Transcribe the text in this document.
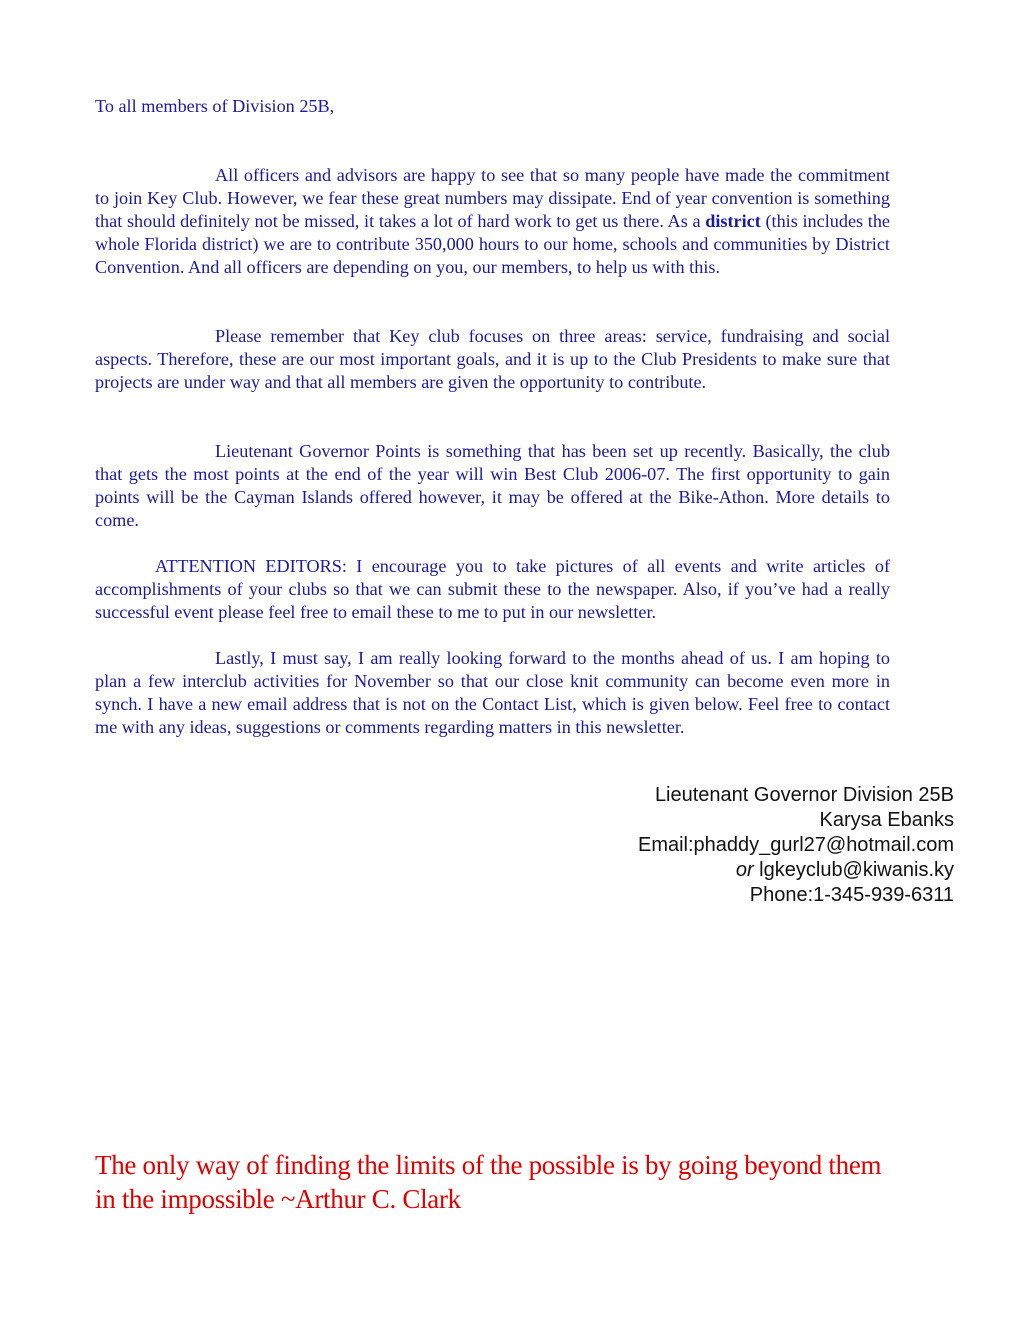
To all members of Division 25B,

All officers and advisors are happy to see that so many people have made the commitment to join Key Club. However, we fear these great numbers may dissipate. End of year convention is something that should definitely not be missed, it takes a lot of hard work to get us there. As a district (this includes the whole Florida district) we are to contribute 350,000 hours to our home, schools and communities by District Convention. And all officers are depending on you, our members, to help us with this.

Please remember that Key club focuses on three areas: service, fundraising and social aspects. Therefore, these are our most important goals, and it is up to the Club Presidents to make sure that projects are under way and that all members are given the opportunity to contribute.

Lieutenant Governor Points is something that has been set up recently. Basically, the club that gets the most points at the end of the year will win Best Club 2006-07. The first opportunity to gain points will be the Cayman Islands offered however, it may be offered at the Bike-Athon. More details to come.

ATTENTION EDITORS: I encourage you to take pictures of all events and write articles of accomplishments of your clubs so that we can submit these to the newspaper. Also, if you’ve had a really successful event please feel free to email these to me to put in our newsletter.

Lastly, I must say, I am really looking forward to the months ahead of us. I am hoping to plan a few interclub activities for November so that our close knit community can become even more in synch. I have a new email address that is not on the Contact List, which is given below. Feel free to contact me with any ideas, suggestions or comments regarding matters in this newsletter.

Lieutenant Governor Division 25B
Karysa Ebanks
Email:phaddy_gurl27@hotmail.com
or lgkeyclub@kiwanis.ky
Phone:1-345-939-6311
The only way of finding the limits of the possible is by going beyond them in the impossible ~Arthur C. Clark
